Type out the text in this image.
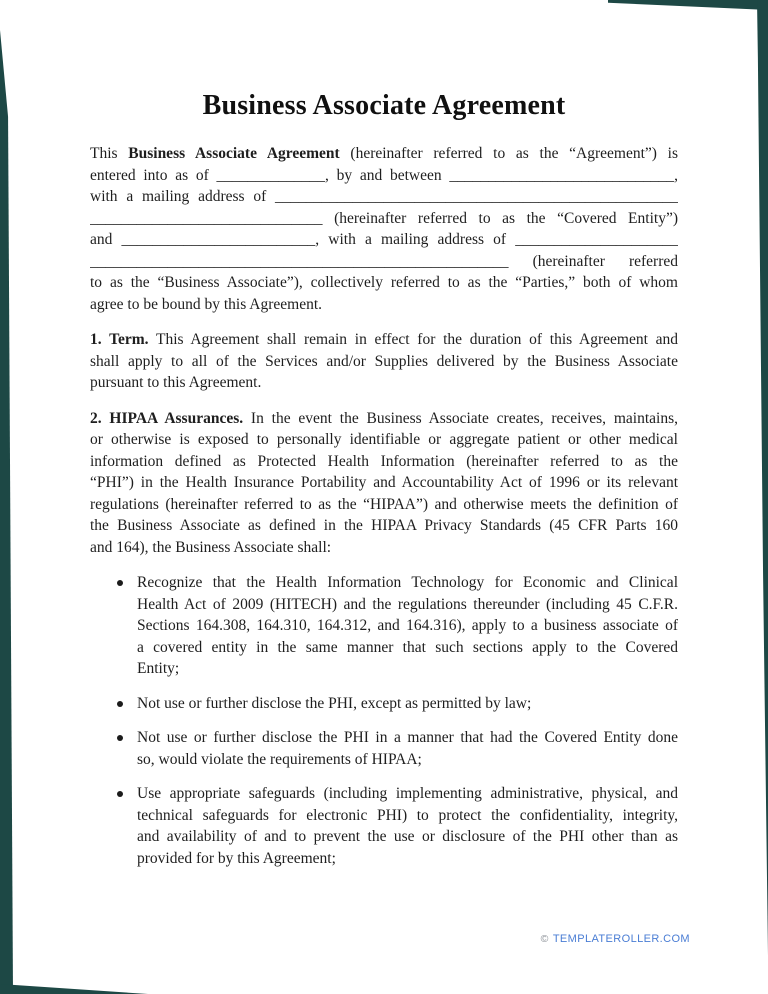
Business Associate Agreement
This Business Associate Agreement (hereinafter referred to as the “Agreement”) is
entered into as of ______________, by and between _____________________________,
with a mailing address of ____________________________________________________
______________________________ (hereinafter referred to as the “Covered Entity”)
and _________________________, with a mailing address of _____________________
______________________________________________________ (hereinafter referred
to as the “Business Associate”), collectively referred to as the “Parties,” both of whom
agree to be bound by this Agreement.
1. Term. This Agreement shall remain in effect for the duration of this Agreement and
shall apply to all of the Services and/or Supplies delivered by the Business Associate
pursuant to this Agreement.
2. HIPAA Assurances. In the event the Business Associate creates, receives, maintains,
or otherwise is exposed to personally identifiable or aggregate patient or other medical
information defined as Protected Health Information (hereinafter referred to as the
“PHI”) in the Health Insurance Portability and Accountability Act of 1996 or its relevant
regulations (hereinafter referred to as the “HIPAA”) and otherwise meets the definition of
the Business Associate as defined in the HIPAA Privacy Standards (45 CFR Parts 160
and 164), the Business Associate shall:
Recognize that the Health Information Technology for Economic and Clinical
Health Act of 2009 (HITECH) and the regulations thereunder (including 45 C.F.R.
Sections 164.308, 164.310, 164.312, and 164.316), apply to a business associate of
a covered entity in the same manner that such sections apply to the Covered
Entity;
Not use or further disclose the PHI, except as permitted by law;
Not use or further disclose the PHI in a manner that had the Covered Entity done
so, would violate the requirements of HIPAA;
Use appropriate safeguards (including implementing administrative, physical, and
technical safeguards for electronic PHI) to protect the confidentiality, integrity,
and availability of and to prevent the use or disclosure of the PHI other than as
provided for by this Agreement;
© TEMPLATEROLLER.COM
